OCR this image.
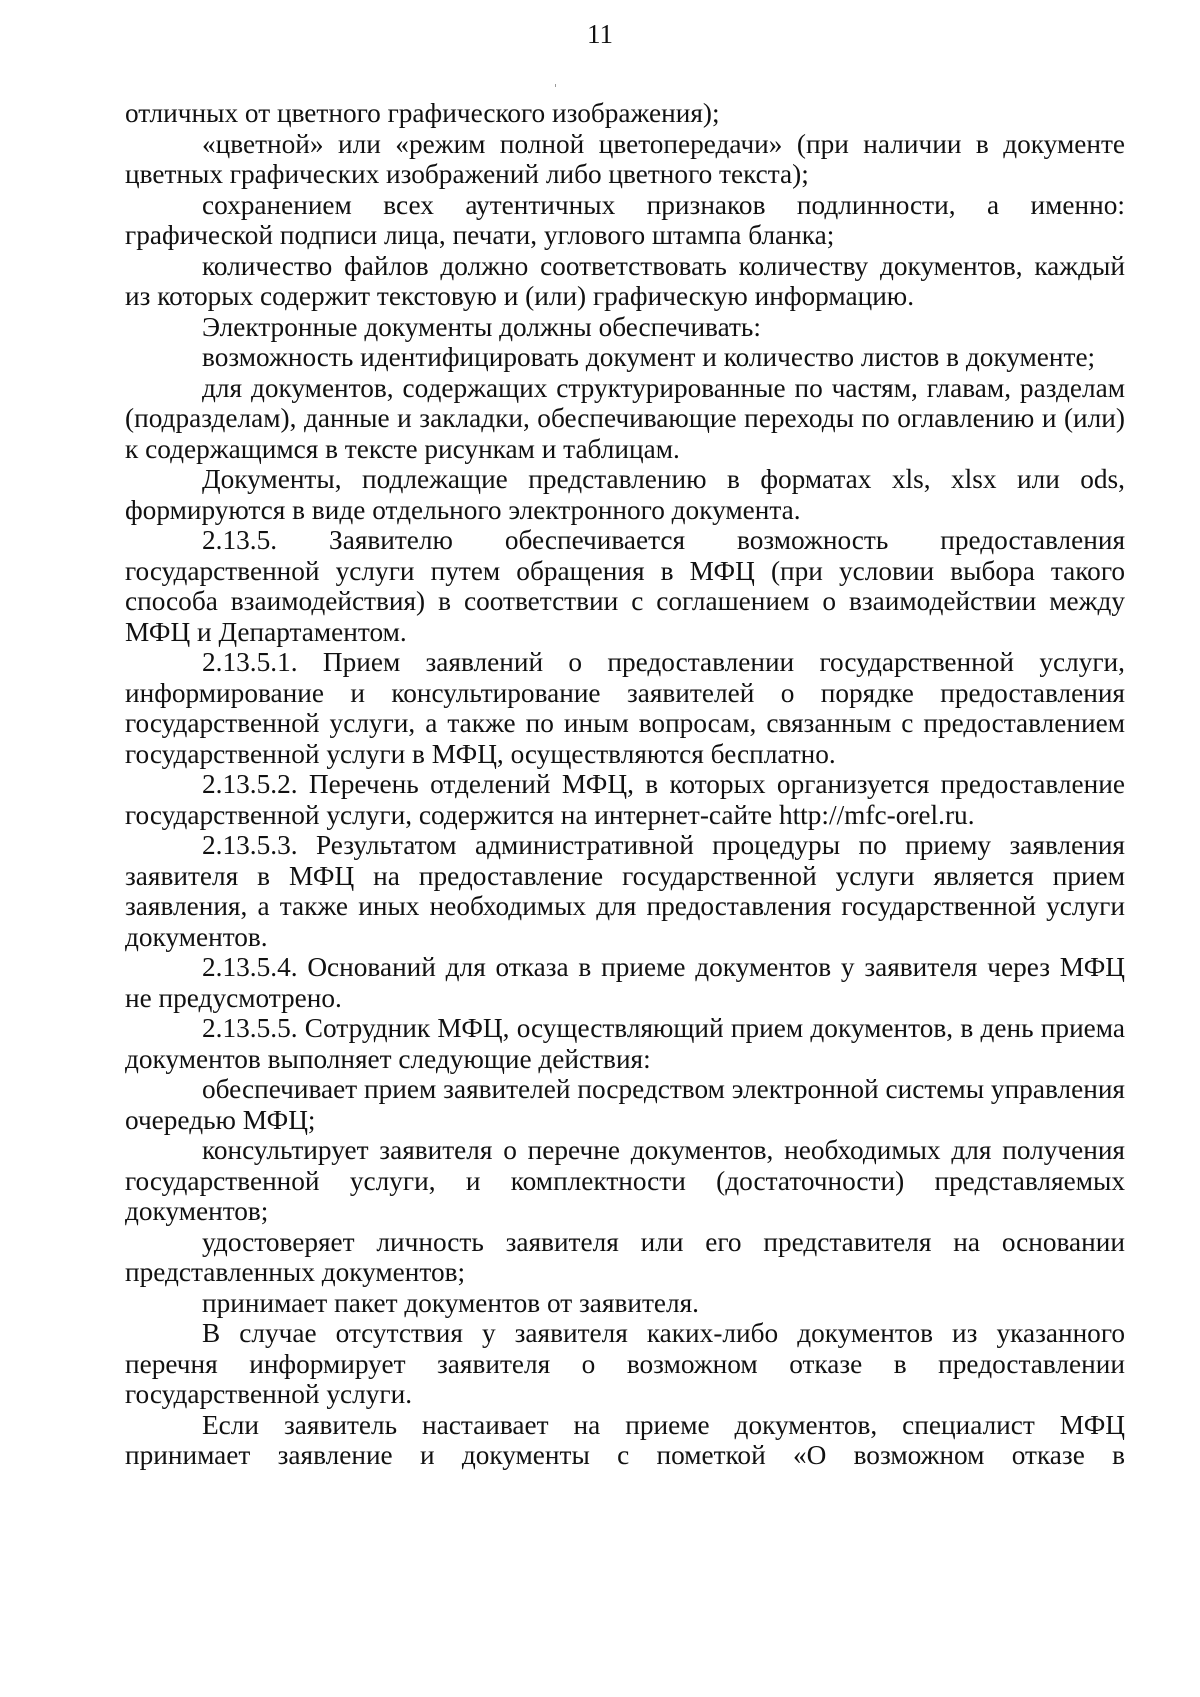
11

отличных от цветного графического изображения);

«цветной» или «режим полной цветопередачи» (при наличии в документе цветных графических изображений либо цветного текста);

сохранением всех аутентичных признаков подлинности, а именно: графической подписи лица, печати, углового штампа бланка;

количество файлов должно соответствовать количеству документов, каждый из которых содержит текстовую и (или) графическую информацию.

Электронные документы должны обеспечивать:

возможность идентифицировать документ и количество листов в документе;

для документов, содержащих структурированные по частям, главам, разделам (подразделам), данные и закладки, обеспечивающие переходы по оглавлению и (или) к содержащимся в тексте рисункам и таблицам.

Документы, подлежащие представлению в форматах xls, xlsx или ods, формируются в виде отдельного электронного документа.

2.13.5. Заявителю обеспечивается возможность предоставления государственной услуги путем обращения в МФЦ (при условии выбора такого способа взаимодействия) в соответствии с соглашением о взаимодействии между МФЦ и Департаментом.

2.13.5.1. Прием заявлений о предоставлении государственной услуги, информирование и консультирование заявителей о порядке предоставления государственной услуги, а также по иным вопросам, связанным с предоставлением государственной услуги в МФЦ, осуществляются бесплатно.

2.13.5.2. Перечень отделений МФЦ, в которых организуется предоставление государственной услуги, содержится на интернет-сайте http://mfc-orel.ru.

2.13.5.3. Результатом административной процедуры по приему заявления заявителя в МФЦ на предоставление государственной услуги является прием заявления, а также иных необходимых для предоставления государственной услуги документов.

2.13.5.4. Оснований для отказа в приеме документов у заявителя через МФЦ не предусмотрено.

2.13.5.5. Сотрудник МФЦ, осуществляющий прием документов, в день приема документов выполняет следующие действия:

обеспечивает прием заявителей посредством электронной системы управления очередью МФЦ;

консультирует заявителя о перечне документов, необходимых для получения государственной услуги, и комплектности (достаточности) представляемых документов;

удостоверяет личность заявителя или его представителя на основании представленных документов;

принимает пакет документов от заявителя.

В случае отсутствия у заявителя каких-либо документов из указанного перечня информирует заявителя о возможном отказе в предоставлении государственной услуги.

Если заявитель настаивает на приеме документов, специалист МФЦ принимает заявление и документы с пометкой «О возможном отказе в
